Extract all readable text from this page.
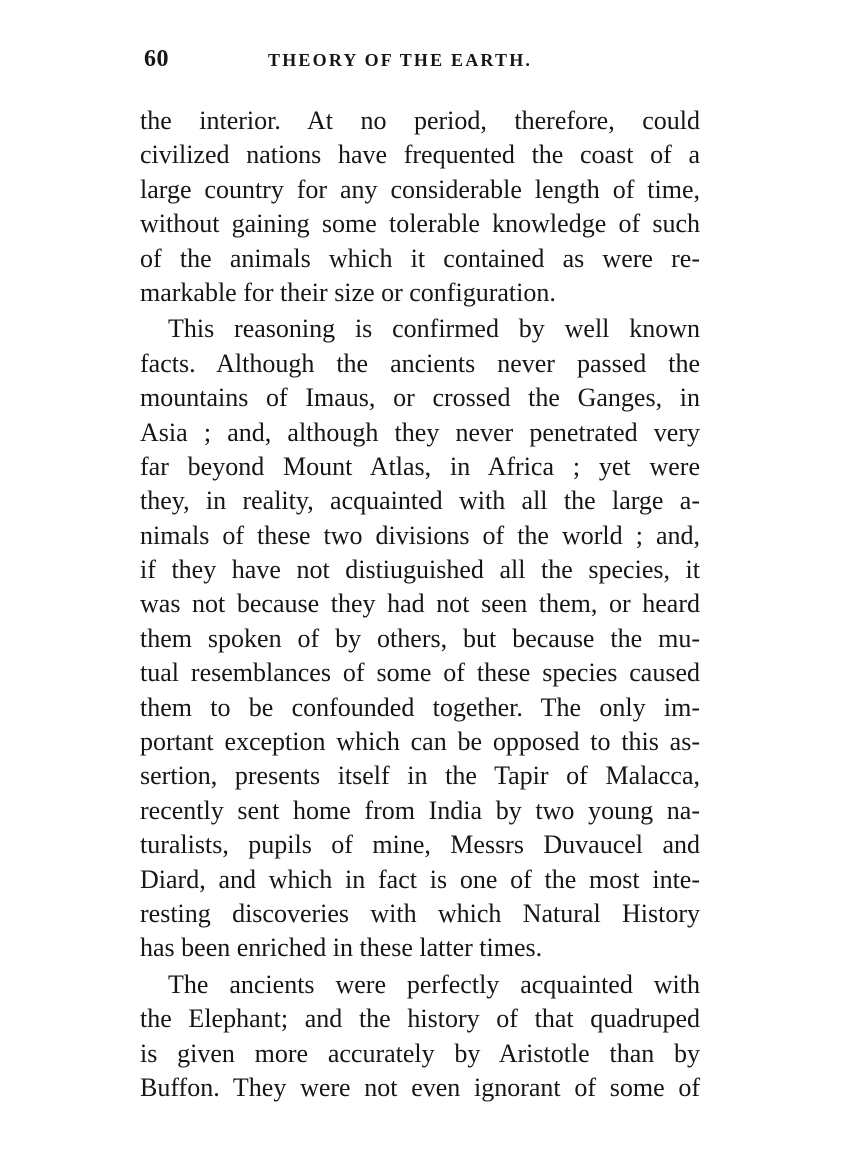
60	THEORY OF THE EARTH.
the interior. At no period, therefore, could
civilized nations have frequented the coast of a
large country for any considerable length of time,
without gaining some tolerable knowledge of such
of the animals which it contained as were re-
markable for their size or configuration.
This reasoning is confirmed by well known
facts. Although the ancients never passed the
mountains of Imaus, or crossed the Ganges, in
Asia ; and, although they never penetrated very
far beyond Mount Atlas, in Africa ; yet were
they, in reality, acquainted with all the large a-
nimals of these two divisions of the world ; and,
if they have not distiuguished all the species, it
was not because they had not seen them, or heard
them spoken of by others, but because the mu-
tual resemblances of some of these species caused
them to be confounded together. The only im-
portant exception which can be opposed to this as-
sertion, presents itself in the Tapir of Malacca,
recently sent home from India by two young na-
turalists, pupils of mine, Messrs Duvaucel and
Diard, and which in fact is one of the most inte-
resting discoveries with which Natural History
has been enriched in these latter times.
The ancients were perfectly acquainted with
the Elephant; and the history of that quadruped
is given more accurately by Aristotle than by
Buffon. They were not even ignorant of some of
